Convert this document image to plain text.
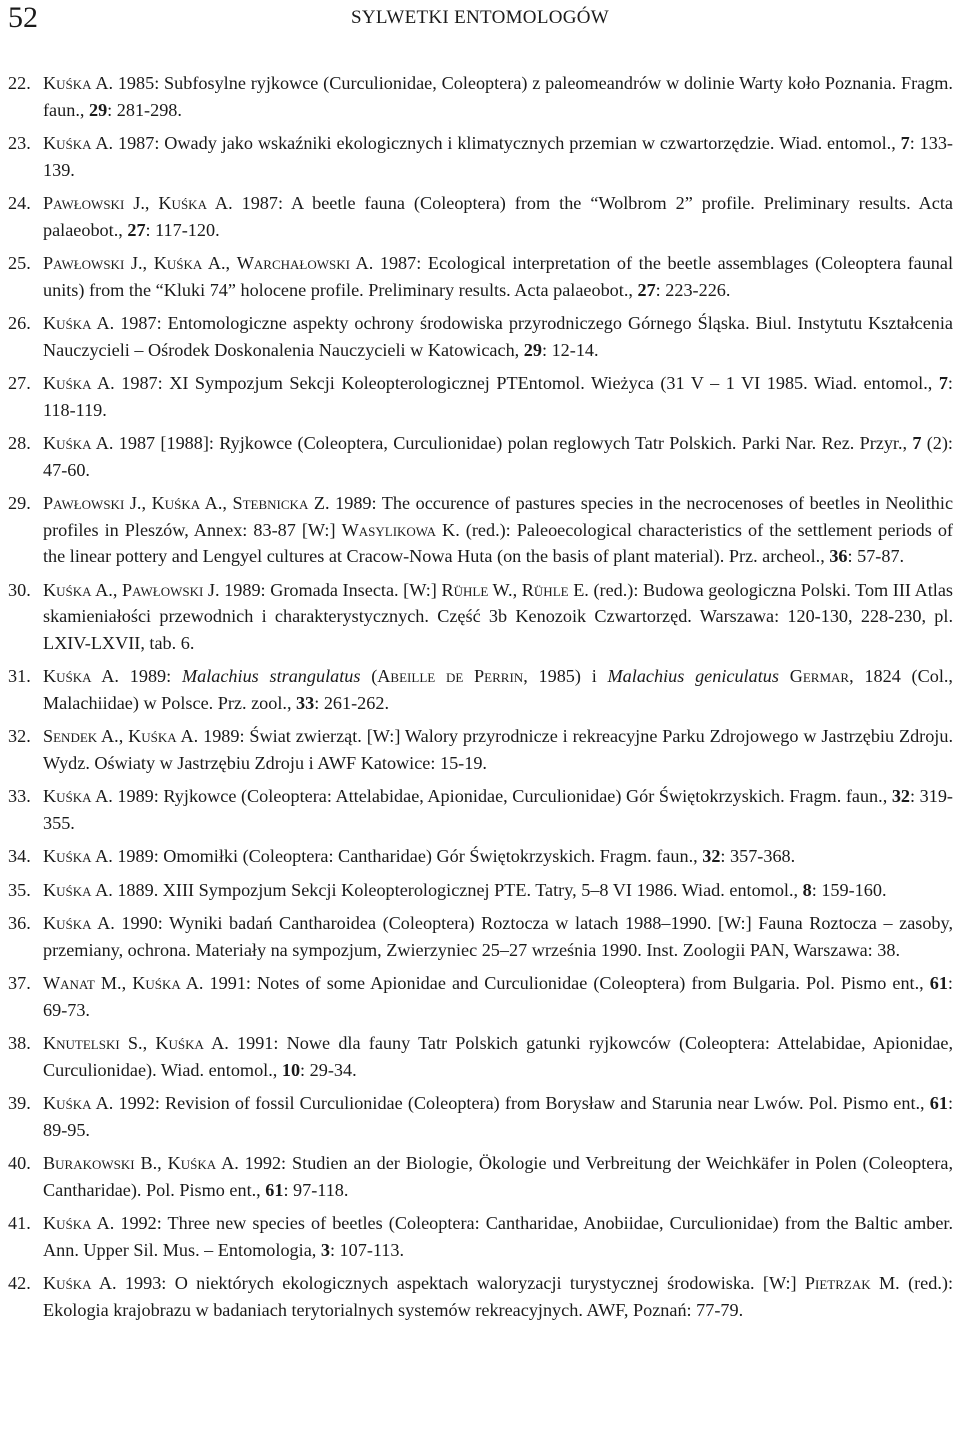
52	SYLWETKI ENTOMOLOGÓW
22. Kuśka A. 1985: Subfosylne ryjkowce (Curculionidae, Coleoptera) z paleomeandrów w dolinie Warty koło Poznania. Fragm. faun., 29: 281-298.
23. Kuśka A. 1987: Owady jako wskaźniki ekologicznych i klimatycznych przemian w czwartorzędzie. Wiad. entomol., 7: 133-139.
24. Pawłowski J., Kuśka A. 1987: A beetle fauna (Coleoptera) from the “Wolbrom 2” profile. Preliminary results. Acta palaeobot., 27: 117-120.
25. Pawłowski J., Kuśka A., Warchałowski A. 1987: Ecological interpretation of the beetle assemblages (Coleoptera faunal units) from the “Kluki 74” holocene profile. Preliminary results. Acta palaeobot., 27: 223-226.
26. Kuśka A. 1987: Entomologiczne aspekty ochrony środowiska przyrodniczego Górnego Śląska. Biul. Instytutu Kształcenia Nauczycieli – Ośrodek Doskonalenia Nauczycieli w Katowicach, 29: 12-14.
27. Kuśka A. 1987: XI Sympozjum Sekcji Koleopterologicznej PTEntomol. Wieżyca (31 V – 1 VI 1985. Wiad. entomol., 7: 118-119.
28. Kuśka A. 1987 [1988]: Ryjkowce (Coleoptera, Curculionidae) polan reglowych Tatr Polskich. Parki Nar. Rez. Przyr., 7 (2): 47-60.
29. Pawłowski J., Kuśka A., Stebnicka Z. 1989: The occurence of pastures species in the necrocenoses of beetles in Neolithic profiles in Pleszów, Annex: 83-87 [W:] Wasylikowa K. (red.): Paleoecological characteristics of the settlement periods of the linear pottery and Lengyel cultures at Cracow-Nowa Huta (on the basis of plant material). Prz. archeol., 36: 57-87.
30. Kuśka A., Pawłowski J. 1989: Gromada Insecta. [W:] Rühle W., Rühle E. (red.): Budowa geologiczna Polski. Tom III Atlas skamieniałości przewodnich i charakterystycznych. Część 3b Kenozoik Czwartorzęd. Warszawa: 120-130, 228-230, pl. LXIV-LXVII, tab. 6.
31. Kuśka A. 1989: Malachius strangulatus (Abeille de Perrin, 1985) i Malachius geniculatus Germar, 1824 (Col., Malachiidae) w Polsce. Prz. zool., 33: 261-262.
32. Sendek A., Kuśka A. 1989: Świat zwierząt. [W:] Walory przyrodnicze i rekreacyjne Parku Zdrojowego w Jastrzębiu Zdroju. Wydz. Oświaty w Jastrzębiu Zdroju i AWF Katowice: 15-19.
33. Kuśka A. 1989: Ryjkowce (Coleoptera: Attelabidae, Apionidae, Curculionidae) Gór Świętokrzyskich. Fragm. faun., 32: 319-355.
34. Kuśka A. 1989: Omomiłki (Coleoptera: Cantharidae) Gór Świętokrzyskich. Fragm. faun., 32: 357-368.
35. Kuśka A. 1889. XIII Sympozjum Sekcji Koleopterologicznej PTE. Tatry, 5–8 VI 1986. Wiad. entomol., 8: 159-160.
36. Kuśka A. 1990: Wyniki badań Cantharoidea (Coleoptera) Roztocza w latach 1988–1990. [W:] Fauna Roztocza – zasoby, przemiany, ochrona. Materiały na sympozjum, Zwierzyniec 25–27 września 1990. Inst. Zoologii PAN, Warszawa: 38.
37. Wanat M., Kuśka A. 1991: Notes of some Apionidae and Curculionidae (Coleoptera) from Bulgaria. Pol. Pismo ent., 61: 69-73.
38. Knutelski S., Kuśka A. 1991: Nowe dla fauny Tatr Polskich gatunki ryjkowców (Coleoptera: Attelabidae, Apionidae, Curculionidae). Wiad. entomol., 10: 29-34.
39. Kuśka A. 1992: Revision of fossil Curculionidae (Coleoptera) from Borysław and Starunia near Lwów. Pol. Pismo ent., 61: 89-95.
40. Burakowski B., Kuśka A. 1992: Studien an der Biologie, Ökologie und Verbreitung der Weichkäfer in Polen (Coleoptera, Cantharidae). Pol. Pismo ent., 61: 97-118.
41. Kuśka A. 1992: Three new species of beetles (Coleoptera: Cantharidae, Anobiidae, Curculionidae) from the Baltic amber. Ann. Upper Sil. Mus. – Entomologia, 3: 107-113.
42. Kuśka A. 1993: O niektórych ekologicznych aspektach waloryzacji turystycznej środowiska. [W:] Pietrzak M. (red.): Ekologia krajobrazu w badaniach terytorialnych systemów rekreacyjnych. AWF, Poznań: 77-79.
